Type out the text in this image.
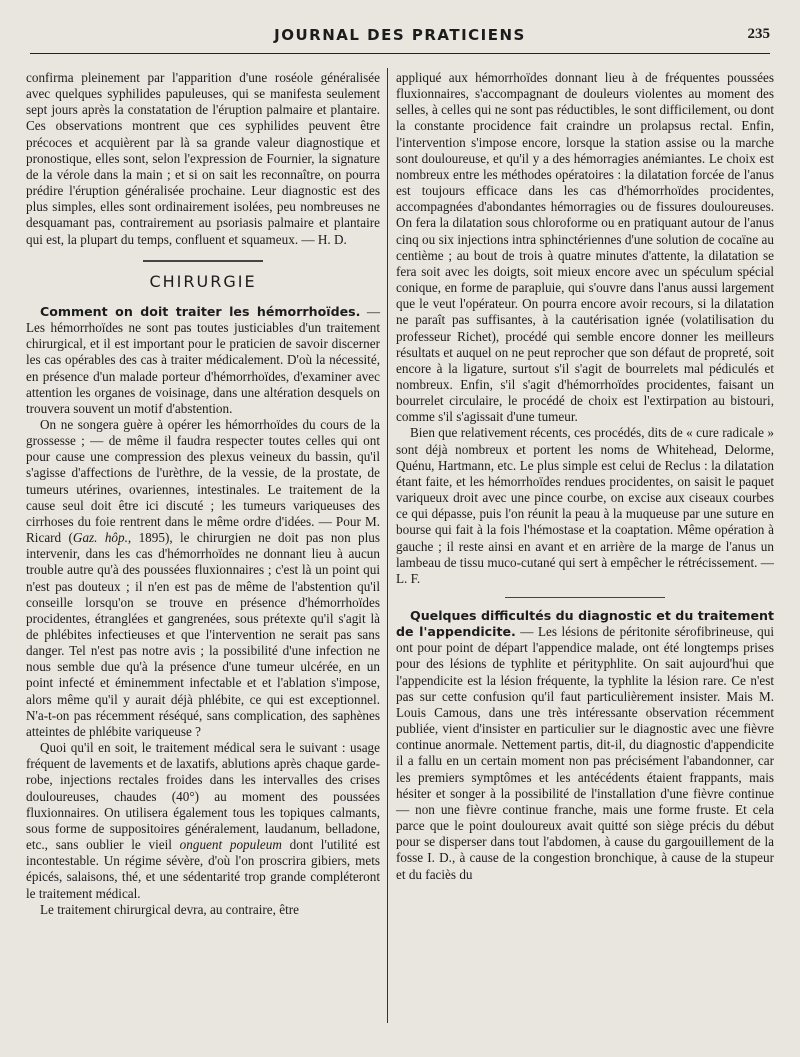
JOURNAL DES PRATICIENS	235

confirma pleinement par l'apparition d'une roséole généralisée avec quelques syphilides papuleuses, qui se manifesta seulement sept jours après la constatation de l'éruption palmaire et plantaire. Ces observations montrent que ces syphilides peuvent être précoces et acquièrent par là sa grande valeur diagnostique et pronostique, elles sont, selon l'expression de Fournier, la signature de la vérole dans la main ; et si on sait les reconnaître, on pourra prédire l'éruption généralisée prochaine. Leur diagnostic est des plus simples, elles sont ordinairement isolées, peu nombreuses ne desquamant pas, contrairement au psoriasis palmaire et plantaire qui est, la plupart du temps, confluent et squameux. — H. D.

CHIRURGIE

Comment on doit traiter les hémorrhoïdes. — Les hémorrhoïdes ne sont pas toutes justiciables d'un traitement chirurgical, et il est important pour le praticien de savoir discerner les cas opérables des cas à traiter médicalement. D'où la nécessité, en présence d'un malade porteur d'hémorrhoïdes, d'examiner avec attention les organes de voisinage, dans une altération desquels on trouvera souvent un motif d'abstention.

On ne songera guère à opérer les hémorrhoïdes du cours de la grossesse ; — de même il faudra respecter toutes celles qui ont pour cause une compression des plexus veineux du bassin, qu'il s'agisse d'affections de l'urèthre, de la vessie, de la prostate, de tumeurs utérines, ovariennes, intestinales. Le traitement de la cause seul doit être ici discuté ; les tumeurs variqueuses des cirrhoses du foie rentrent dans le même ordre d'idées. — Pour M. Ricard (Gaz. hôp., 1895), le chirurgien ne doit pas non plus intervenir, dans les cas d'hémorrhoïdes ne donnant lieu à aucun trouble autre qu'à des poussées fluxionnaires ; c'est là un point qui n'est pas douteux ; il n'en est pas de même de l'abstention qu'il conseille lorsqu'on se trouve en présence d'hémorrhoïdes procidentes, étranglées et gangrenées, sous prétexte qu'il s'agit là de phlébites infectieuses et que l'intervention ne serait pas sans danger. Tel n'est pas notre avis ; la possibilité d'une infection ne nous semble due qu'à la présence d'une tumeur ulcérée, en un point infecté et éminemment infectable et et l'ablation s'impose, alors même qu'il y aurait déjà phlébite, ce qui est exceptionnel. N'a-t-on pas récemment réséqué, sans complication, des saphènes atteintes de phlébite variqueuse ?

Quoi qu'il en soit, le traitement médical sera le suivant : usage fréquent de lavements et de laxatifs, ablutions après chaque garde-robe, injections rectales froides dans les intervalles des crises douloureuses, chaudes (40°) au moment des poussées fluxionnaires. On utilisera également tous les topiques calmants, sous forme de suppositoires généralement, laudanum, belladone, etc., sans oublier le vieil onguent populeum dont l'utilité est incontestable. Un régime sévère, d'où l'on proscrira gibiers, mets épicés, salaisons, thé, et une sédentarité trop grande compléteront le traitement médical.

Le traitement chirurgical devra, au contraire, être

appliqué aux hémorrhoïdes donnant lieu à de fréquentes poussées fluxionnaires, s'accompagnant de douleurs violentes au moment des selles, à celles qui ne sont pas réductibles, le sont difficilement, ou dont la constante procidence fait craindre un prolapsus rectal. Enfin, l'intervention s'impose encore, lorsque la station assise ou la marche sont douloureuse, et qu'il y a des hémorragies anémiantes. Le choix est nombreux entre les méthodes opératoires : la dilatation forcée de l'anus est toujours efficace dans les cas d'hémorrhoïdes procidentes, accompagnées d'abondantes hémorragies ou de fissures douloureuses. On fera la dilatation sous chloroforme ou en pratiquant autour de l'anus cinq ou six injections intra sphinctériennes d'une solution de cocaïne au centième ; au bout de trois à quatre minutes d'attente, la dilatation se fera soit avec les doigts, soit mieux encore avec un spéculum spécial conique, en forme de parapluie, qui s'ouvre dans l'anus aussi largement que le veut l'opérateur. On pourra encore avoir recours, si la dilatation ne paraît pas suffisantes, à la cautérisation ignée (volatilisation du professeur Richet), procédé qui semble encore donner les meilleurs résultats et auquel on ne peut reprocher que son défaut de propreté, soit encore à la ligature, surtout s'il s'agit de bourrelets mal pédiculés et nombreux. Enfin, s'il s'agit d'hémorrhoïdes procidentes, faisant un bourrelet circulaire, le procédé de choix est l'extirpation au bistouri, comme s'il s'agissait d'une tumeur.

Bien que relativement récents, ces procédés, dits de « cure radicale » sont déjà nombreux et portent les noms de Whitehead, Delorme, Quénu, Hartmann, etc. Le plus simple est celui de Reclus : la dilatation étant faite, et les hémorrhoïdes rendues procidentes, on saisit le paquet variqueux droit avec une pince courbe, on excise aux ciseaux courbes ce qui dépasse, puis l'on réunit la peau à la muqueuse par une suture en bourse qui fait à la fois l'hémostase et la coaptation. Même opération à gauche ; il reste ainsi en avant et en arrière de la marge de l'anus un lambeau de tissu muco-cutané qui sert à empêcher le rétrécissement. — L. F.

Quelques difficultés du diagnostic et du traitement de l'appendicite. — Les lésions de péritonite sérofibrineuse, qui ont pour point de départ l'appendice malade, ont été longtemps prises pour des lésions de typhlite et pérityphlite. On sait aujourd'hui que l'appendicite est la lésion fréquente, la typhlite la lésion rare. Ce n'est pas sur cette confusion qu'il faut particulièrement insister. Mais M. Louis Camous, dans une très intéressante observation récemment publiée, vient d'insister en particulier sur le diagnostic avec une fièvre continue anormale. Nettement partis, dit-il, du diagnostic d'appendicite il a fallu en un certain moment non pas précisément l'abandonner, car les premiers symptômes et les antécédents étaient frappants, mais hésiter et songer à la possibilité de l'installation d'une fièvre continue — non une fièvre continue franche, mais une forme fruste. Et cela parce que le point douloureux avait quitté son siège précis du début pour se disperser dans tout l'abdomen, à cause du gargouillement de la fosse I. D., à cause de la congestion bronchique, à cause de la stupeur et du faciès du
